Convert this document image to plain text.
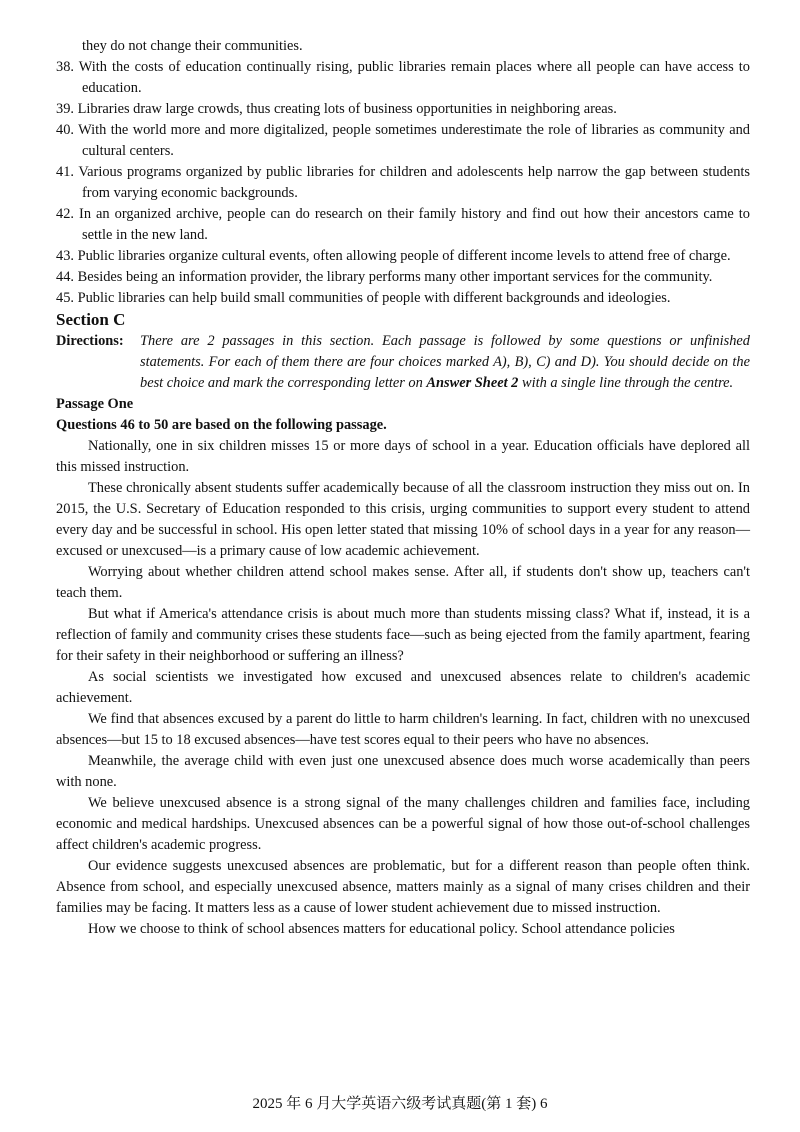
they do not change their communities.

38. With the costs of education continually rising, public libraries remain places where all people can have access to education.

39. Libraries draw large crowds, thus creating lots of business opportunities in neighboring areas.

40. With the world more and more digitalized, people sometimes underestimate the role of libraries as community and cultural centers.

41. Various programs organized by public libraries for children and adolescents help narrow the gap between students from varying economic backgrounds.

42. In an organized archive, people can do research on their family history and find out how their ancestors came to settle in the new land.

43. Public libraries organize cultural events, often allowing people of different income levels to attend free of charge.

44. Besides being an information provider, the library performs many other important services for the community.

45. Public libraries can help build small communities of people with different backgrounds and ideologies.

Section C
Directions: There are 2 passages in this section. Each passage is followed by some questions or unfinished statements. For each of them there are four choices marked A), B), C) and D). You should decide on the best choice and mark the corresponding letter on Answer Sheet 2 with a single line through the centre.

Passage One

Questions 46 to 50 are based on the following passage.

Nationally, one in six children misses 15 or more days of school in a year. Education officials have deplored all this missed instruction.

These chronically absent students suffer academically because of all the classroom instruction they miss out on. In 2015, the U.S. Secretary of Education responded to this crisis, urging communities to support every student to attend every day and be successful in school. His open letter stated that missing 10% of school days in a year for any reason—excused or unexcused—is a primary cause of low academic achievement.

Worrying about whether children attend school makes sense. After all, if students don't show up, teachers can't teach them.

But what if America's attendance crisis is about much more than students missing class? What if, instead, it is a reflection of family and community crises these students face—such as being ejected from the family apartment, fearing for their safety in their neighborhood or suffering an illness?

As social scientists we investigated how excused and unexcused absences relate to children's academic achievement.

We find that absences excused by a parent do little to harm children's learning. In fact, children with no unexcused absences—but 15 to 18 excused absences—have test scores equal to their peers who have no absences.

Meanwhile, the average child with even just one unexcused absence does much worse academically than peers with none.

We believe unexcused absence is a strong signal of the many challenges children and families face, including economic and medical hardships. Unexcused absences can be a powerful signal of how those out-of-school challenges affect children's academic progress.

Our evidence suggests unexcused absences are problematic, but for a different reason than people often think. Absence from school, and especially unexcused absence, matters mainly as a signal of many crises children and their families may be facing. It matters less as a cause of lower student achievement due to missed instruction.

How we choose to think of school absences matters for educational policy. School attendance policies

2025 年 6 月大学英语六级考试真题(第 1 套) 6
